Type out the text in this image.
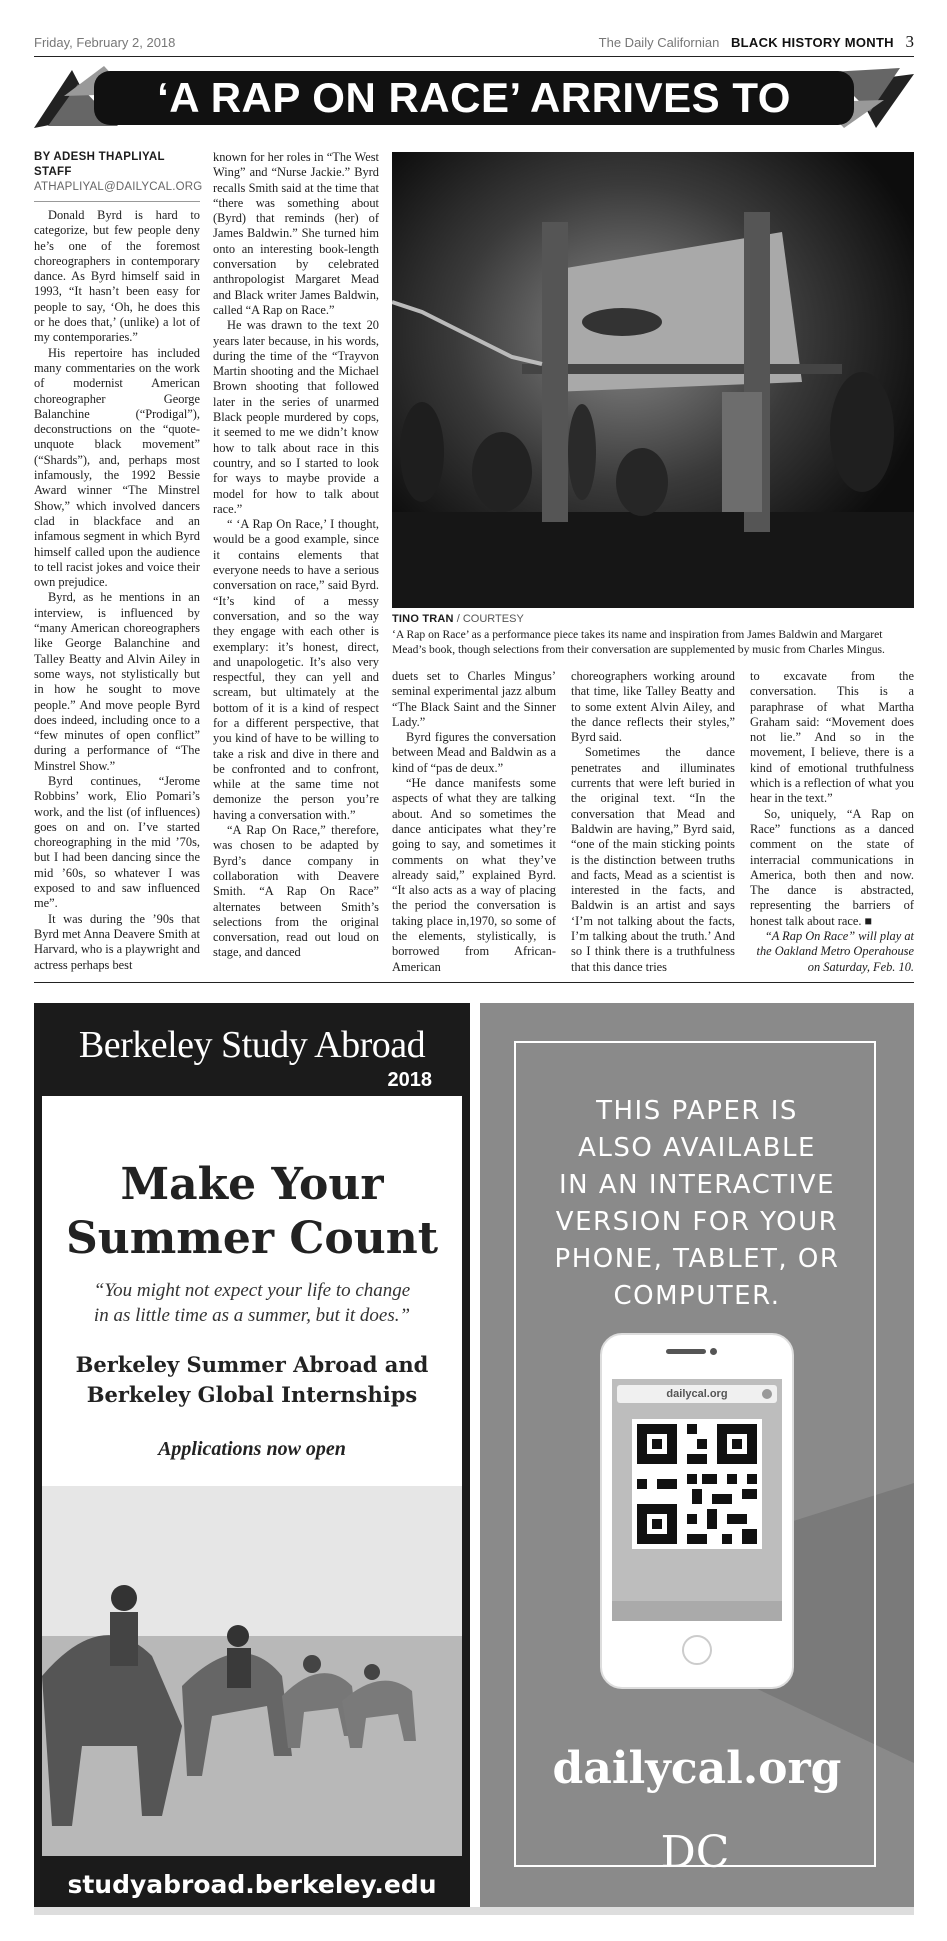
Friday, February 2, 2018	The Daily Californian BLACK HISTORY MONTH 3
‘A RAP ON RACE’ ARRIVES TO
BY ADESH THAPLIYAL
STAFF
ATHAPLIYAL@DAILYCAL.ORG

Donald Byrd is hard to categorize, but few people deny he’s one of the foremost choreographers in contemporary dance. As Byrd himself said in 1993, “It hasn’t been easy for people to say, ‘Oh, he does this or he does that,’ (unlike) a lot of my contemporaries.”

His repertoire has included many commentaries on the work of modernist American choreographer George Balanchine (“Prodigal”), deconstructions on the “quote-unquote black movement” (“Shards”), and, perhaps most infamously, the 1992 Bessie Award winner “The Minstrel Show,” which involved dancers clad in blackface and an infamous segment in which Byrd himself called upon the audience to tell racist jokes and voice their own prejudice.

Byrd, as he mentions in an interview, is influenced by “many American choreographers like George Balanchine and Talley Beatty and Alvin Ailey in some ways, not stylistically but in how he sought to move people.” And move people Byrd does indeed, including once to a “few minutes of open conflict” during a performance of “The Minstrel Show.”

Byrd continues, “Jerome Robbins’ work, Elio Pomari’s work, and the list (of influences) goes on and on. I’ve started choreographing in the mid ’70s, but I had been dancing since the mid ’60s, so whatever I was exposed to and saw influenced me”.

It was during the ’90s that Byrd met Anna Deavere Smith at Harvard, who is a playwright and actress perhaps best

known for her roles in “The West Wing” and “Nurse Jackie.” Byrd recalls Smith said at the time that “there was something about (Byrd) that reminds (her) of James Baldwin.” She turned him onto an interesting book-length conversation by celebrated anthropologist Margaret Mead and Black writer James Baldwin, called “A Rap on Race.”

He was drawn to the text 20 years later because, in his words, during the time of the “Trayvon Martin shooting and the Michael Brown shooting that followed later in the series of unarmed Black people murdered by cops, it seemed to me we didn’t know how to talk about race in this country, and so I started to look for ways to maybe provide a model for how to talk about race.”

“ ‘A Rap On Race,’ I thought, would be a good example, since it contains elements that everyone needs to have a serious conversation on race,” said Byrd. “It’s kind of a messy conversation, and so the way they engage with each other is exemplary: it’s honest, direct, and unapologetic. It’s also very respectful, they can yell and scream, but ultimately at the bottom of it is a kind of respect for a different perspective, that you kind of have to be willing to take a risk and dive in there and be confronted and to confront, while at the same time not demonize the person you’re having a conversation with.”

“A Rap On Race,” therefore, was chosen to be adapted by Byrd’s dance company in collaboration with Deavere Smith. “A Rap On Race” alternates between Smith’s selections from the original conversation, read out loud on stage, and danced

TINO TRAN / COURTESY
‘A Rap on Race’ as a performance piece takes its name and inspiration from James Baldwin and Margaret Mead’s book, though selections from their conversation are supplemented by music from Charles Mingus.

duets set to Charles Mingus’ seminal experimental jazz album “The Black Saint and the Sinner Lady.”

Byrd figures the conversation between Mead and Baldwin as a kind of “pas de deux.”

“He dance manifests some aspects of what they are talking about. And so sometimes the dance anticipates what they’re going to say, and sometimes it comments on what they’ve already said,” explained Byrd. “It also acts as a way of placing the period the conversation is taking place in,1970, so some of the elements, stylistically, is borrowed from African-American

choreographers working around that time, like Talley Beatty and to some extent Alvin Ailey, and the dance reflects their styles,” Byrd said.

Sometimes the dance penetrates and illuminates currents that were left buried in the original text. “In the conversation that Mead and Baldwin are having,” Byrd said, “one of the main sticking points is the distinction between truths and facts, Mead as a scientist is interested in the facts, and Baldwin is an artist and says ‘I’m not talking about the facts, I’m talking about the truth.’ And so I think there is a truthfulness that this dance tries

to excavate from the conversation. This is a paraphrase of what Martha Graham said: “Movement does not lie.” And so in the movement, I believe, there is a kind of emotional truthfulness which is a reflection of what you hear in the text.”

So, uniquely, “A Rap on Race” functions as a danced comment on the state of interracial communications in America, both then and now. The dance is abstracted, representing the barriers of honest talk about race. ■

“A Rap On Race” will play at the Oakland Metro Operahouse on Saturday, Feb. 10.

Berkeley Study Abroad
2018
Make Your
Summer Count
“You might not expect your life to change
in as little time as a summer, but it does.”
Berkeley Summer Abroad and
Berkeley Global Internships
Applications now open
studyabroad.berkeley.edu
THIS PAPER IS
ALSO AVAILABLE
IN AN INTERACTIVE
VERSION FOR YOUR
PHONE, TABLET, OR
COMPUTER.
dailycal.org
dailycal.org
DC
